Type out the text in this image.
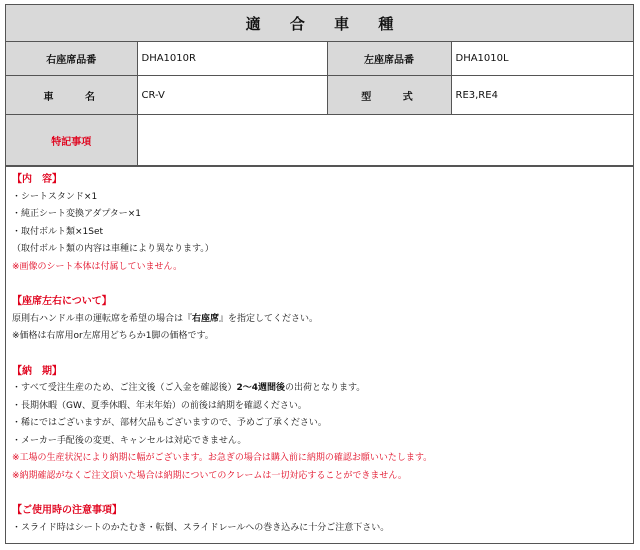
適 合 車 種
右座席品番	DHA1010R	左座席品番	DHA1010L
車 名	CR-V	型 式	RE3,RE4
特記事項			
【内　容】
・シートスタンド×1
・純正シート変換アダプター×1
・取付ボルト類×1Set
（取付ボルト類の内容は車種により異なります。）
※画像のシート本体は付属していません。
【座席左右について】
原則右ハンドル車の運転席を希望の場合は『右座席』を指定してください。
※価格は右席用or左席用どちらか1脚の価格です。
【納　期】
・すべて受注生産のため、ご注文後（ご入金を確認後）2～4週間後の出荷となります。
・長期休暇（GW、夏季休暇、年末年始）の前後は納期を確認ください。
・稀にではございますが、部材欠品もございますので、予めご了承ください。
・メーカー手配後の変更、キャンセルは対応できません。
※工場の生産状況により納期に幅がございます。お急ぎの場合は購入前に納期の確認お願いいたします。
※納期確認がなくご注文頂いた場合は納期についてのクレームは一切対応することができません。
【ご使用時の注意事項】
・スライド時はシートのかたむき・転倒、スライドレールへの巻き込みに十分ご注意下さい。
